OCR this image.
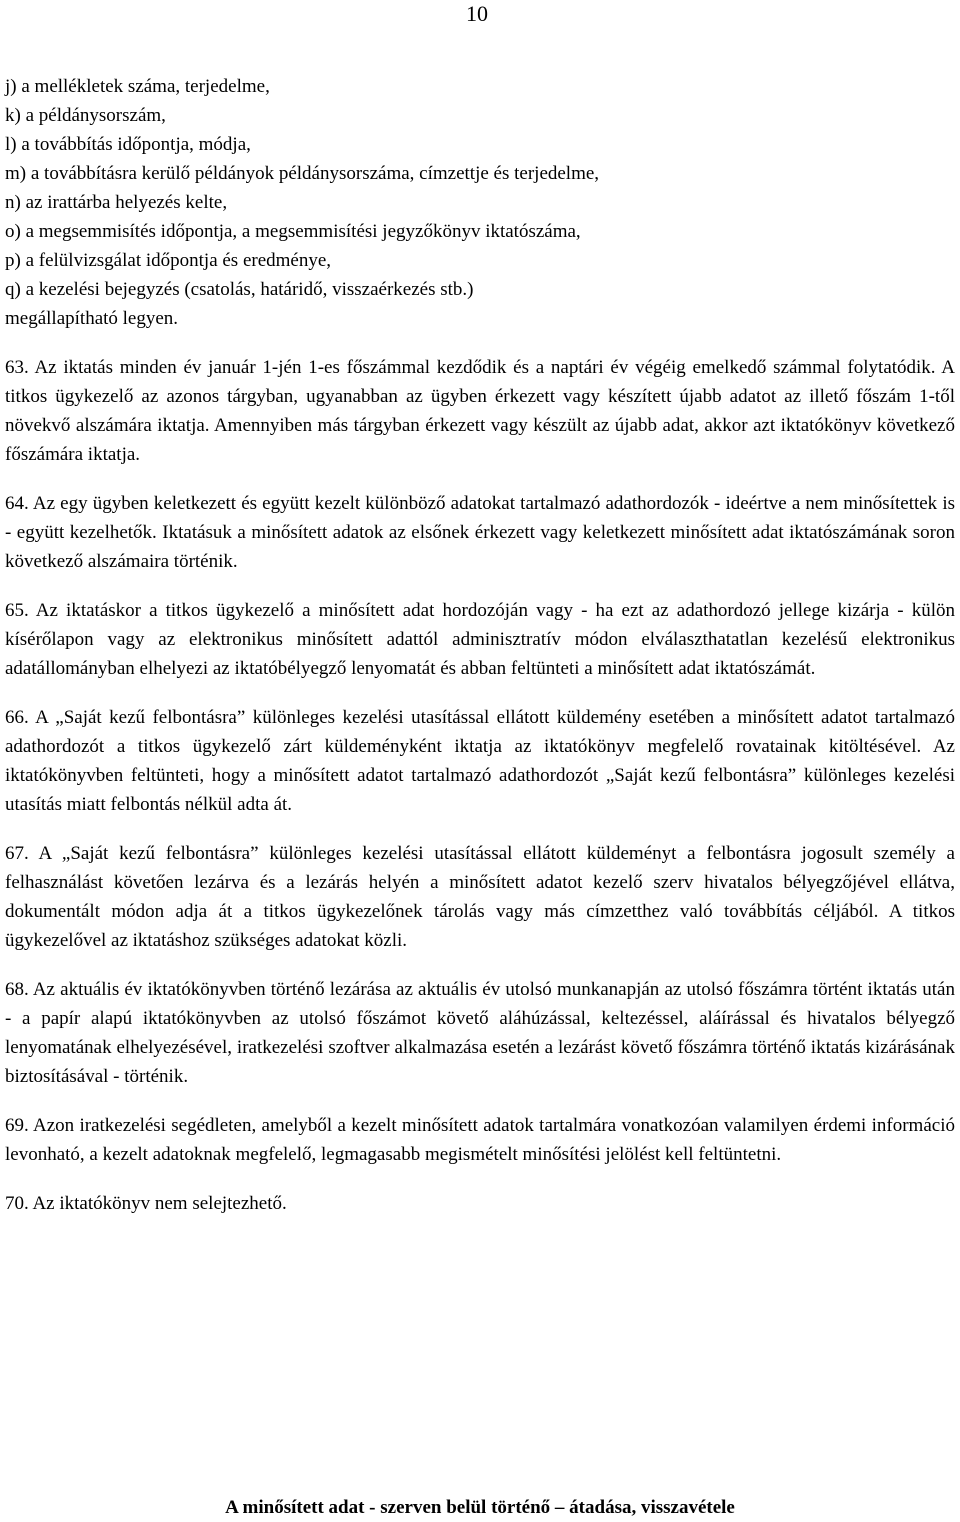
10

j) a mellékletek száma, terjedelme,

k) a példánysorszám,

l) a továbbítás időpontja, módja,

m) a továbbításra kerülő példányok példánysorszáma, címzettje és terjedelme,

n) az irattárba helyezés kelte,

o) a megsemmisítés időpontja, a megsemmisítési jegyzőkönyv iktatószáma,

p) a felülvizsgálat időpontja és eredménye,

q) a kezelési bejegyzés (csatolás, határidő, visszaérkezés stb.)

megállapítható legyen.

63. Az iktatás minden év január 1-jén 1-es főszámmal kezdődik és a naptári év végéig emelkedő számmal folytatódik. A titkos ügykezelő az azonos tárgyban, ugyanabban az ügyben érkezett vagy készített újabb adatot az illető főszám 1-től növekvő alszámára iktatja. Amennyiben más tárgyban érkezett vagy készült az újabb adat, akkor azt iktatókönyv következő főszámára iktatja.

64. Az egy ügyben keletkezett és együtt kezelt különböző adatokat tartalmazó adathordozók - ideértve a nem minősítettek is - együtt kezelhetők. Iktatásuk a minősített adatok az elsőnek érkezett vagy keletkezett minősített adat iktatószámának soron következő alszámaira történik.

65. Az iktatáskor a titkos ügykezelő a minősített adat hordozóján vagy - ha ezt az adathordozó jellege kizárja - külön kísérőlapon vagy az elektronikus minősített adattól adminisztratív módon elválaszthatatlan kezelésű elektronikus adatállományban elhelyezi az iktatóbélyegző lenyomatát és abban feltünteti a minősített adat iktatószámát.

66. A „Saját kezű felbontásra” különleges kezelési utasítással ellátott küldemény esetében a minősített adatot tartalmazó adathordozót a titkos ügykezelő zárt küldeményként iktatja az iktatókönyv megfelelő rovatainak kitöltésével. Az iktatókönyvben feltünteti, hogy a minősített adatot tartalmazó adathordozót „Saját kezű felbontásra” különleges kezelési utasítás miatt felbontás nélkül adta át.

67. A „Saját kezű felbontásra” különleges kezelési utasítással ellátott küldeményt a felbontásra jogosult személy a felhasználást követően lezárva és a lezárás helyén a minősített adatot kezelő szerv hivatalos bélyegzőjével ellátva, dokumentált módon adja át a titkos ügykezelőnek tárolás vagy más címzetthez való továbbítás céljából. A titkos ügykezelővel az iktatáshoz szükséges adatokat közli.

68. Az aktuális év iktatókönyvben történő lezárása az aktuális év utolsó munkanapján az utolsó főszámra történt iktatás után - a papír alapú iktatókönyvben az utolsó főszámot követő aláhúzással, keltezéssel, aláírással és hivatalos bélyegző lenyomatának elhelyezésével, iratkezelési szoftver alkalmazása esetén a lezárást követő főszámra történő iktatás kizárásának biztosításával - történik.

69. Azon iratkezelési segédleten, amelyből a kezelt minősített adatok tartalmára vonatkozóan valamilyen érdemi információ levonható, a kezelt adatoknak megfelelő, legmagasabb megismételt minősítési jelölést kell feltüntetni.

70. Az iktatókönyv nem selejtezhető.

A minősített adat - szerven belül történő – átadása, visszavétele
